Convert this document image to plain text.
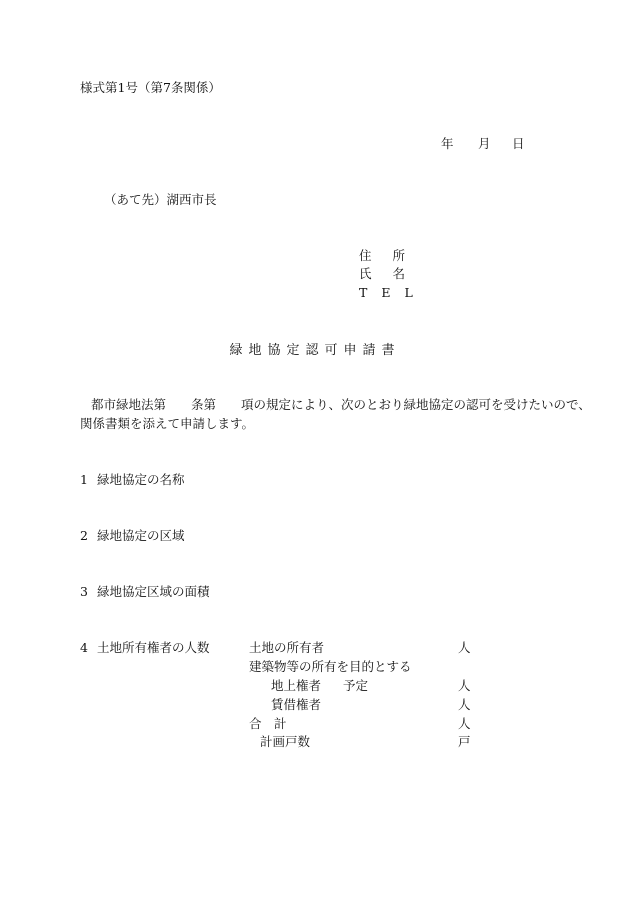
様式第1号（第7条関係）
年 月 日
（あて先）湖西市長
住所
氏名
TEL
緑地協定認可申請書
都市緑地法第　　条第　　項の規定により、次のとおり緑地協定の認可を受けたいので、
関係書類を添えて申請します。
1 緑地協定の名称
2 緑地協定の区域
3 緑地協定区域の面積
4 土地所有権者の人数	土地の所有者	人
建築物等の所有を目的とする
地上権者 予定	人
賃借権者	人
合　計	人
計画戸数	戸
